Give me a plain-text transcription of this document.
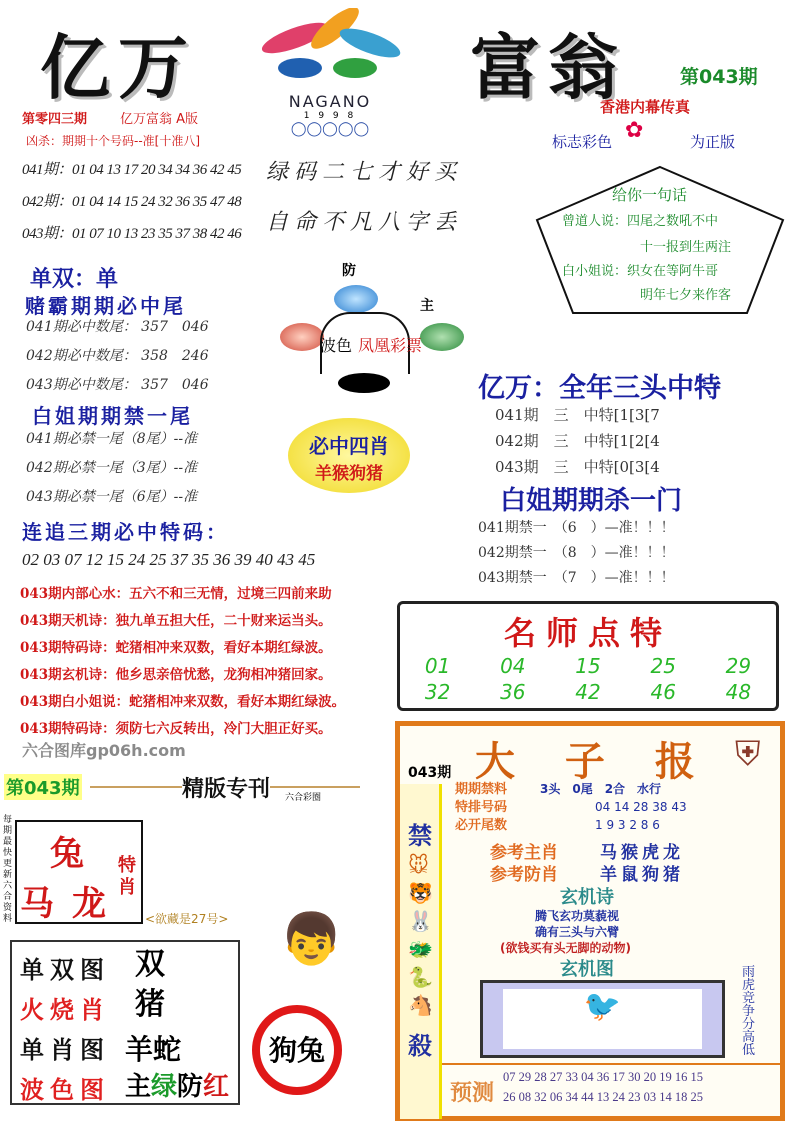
亿万	富翁
NAGANO
1 9 9 8
◯◯◯◯◯
第043期
第零四三期	亿万富翁 A版
凶杀：期期十个号码--准[十准八]
041期：01 04 13 17 20 34 34 36 42 45
042期：01 04 14 15 24 32 36 35 47 48
043期：01 07 10 13 23 35 37 38 42 46
绿码二七才好买
自命不凡八字丢
单双：单
赌霸期期必中尾
041期必中数尾： 357　046
042期必中数尾： 358　246
043期必中数尾： 357　046
白姐期期禁一尾
041期必禁一尾（8尾）--准
042期必禁一尾（3尾）--准
043期必禁一尾（6尾）--准
防
主
波色 凤凰彩票
必中四肖
羊猴狗猪
香港内幕传真
标志彩色 ✿	为正版
给你一句话
曾道人说：四尾之数吼不中
十一报到生两注
白小姐说：织女在等阿牛哥
明年七夕来作客
亿万：全年三头中特
041期　三　中特[1[3[7
042期　三　中特[1[2[4
043期　三　中特[0[3[4
白姐期期杀一门
041期禁一　（6　）—准！！！
042期禁一　（8　）—准！！！
043期禁一　（7　）—准！！！
连追三期必中特码：
02 03 07 12 15 24 25 37 35 36 39 40 43 45
043期内部心水：五六不和三无情，过境三四前来助
043期天机诗：独九单五担大任，二十财来运当头。
043期特码诗：蛇猪相冲来双数，看好本期红绿波。
043期玄机诗：他乡思亲倍忧愁，龙狗相冲猪回家。
043期白小姐说：蛇猪相冲来双数，看好本期红绿波。
043期特码诗：须防七六反转出，冷门大胆正好买。
六合图库gp06h.com
名师点特
01	04	15	25	29
32	36	42	46	48
第043期	精版专刊 六合彩圈
每期最快更新六合资料
兔
马 龙
特肖
<欲藏是27号>
单双图
火烧肖
单肖图
波色图
双
猪
羊蛇
主绿防红
狗兔
👦
043期 大 子 报 ⛨
禁
殺
🐭🐯🐰🐲🐍🐴
期期禁料	3头　0尾　2合　水行
特排号码	04 14 28 38 43
必开尾数	1 9 3 2 8 6
参考主肖 马猴虎龙
参考防肖 羊鼠狗猪
玄机诗
腾飞玄功莫藐视
确有三头与六臂
(欲钱买有头无脚的动物)
玄机图
🐦
雨虎竞争分高低
预测
07 29 28 27 33 04 36 17 30 20 19 16 15
26 08 32 06 34 44 13 24 23 03 14 18 25
